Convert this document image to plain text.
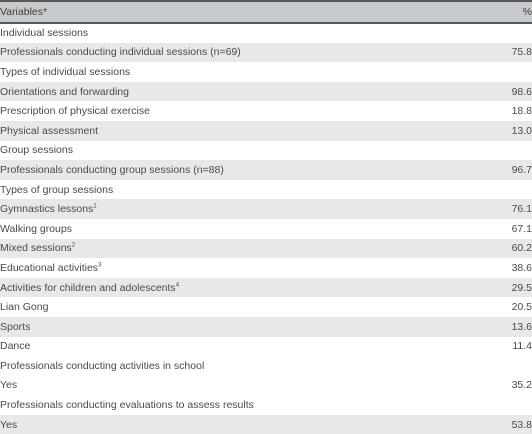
Variables*	%
Individual sessions	
Professionals conducting individual sessions (n=69)	75.8
Types of individual sessions	
Orientations and forwarding	98.6
Prescription of physical exercise	18.8
Physical assessment	13.0
Group sessions	
Professionals conducting group sessions (n=88)	96.7
Types of group sessions	
Gymnastics lessons$^1$	76.1
Walking groups	67.1
Mixed sessions$^2$	60.2
Educational activities$^3$	38.6
Activities for children and adolescents$^4$	29.5
Lian Gong	20.5
Sports	13.6
Dance	11.4
Professionals conducting activities in school	
Yes	35.2
Professionals conducting evaluations to assess results	
Yes	53.8
